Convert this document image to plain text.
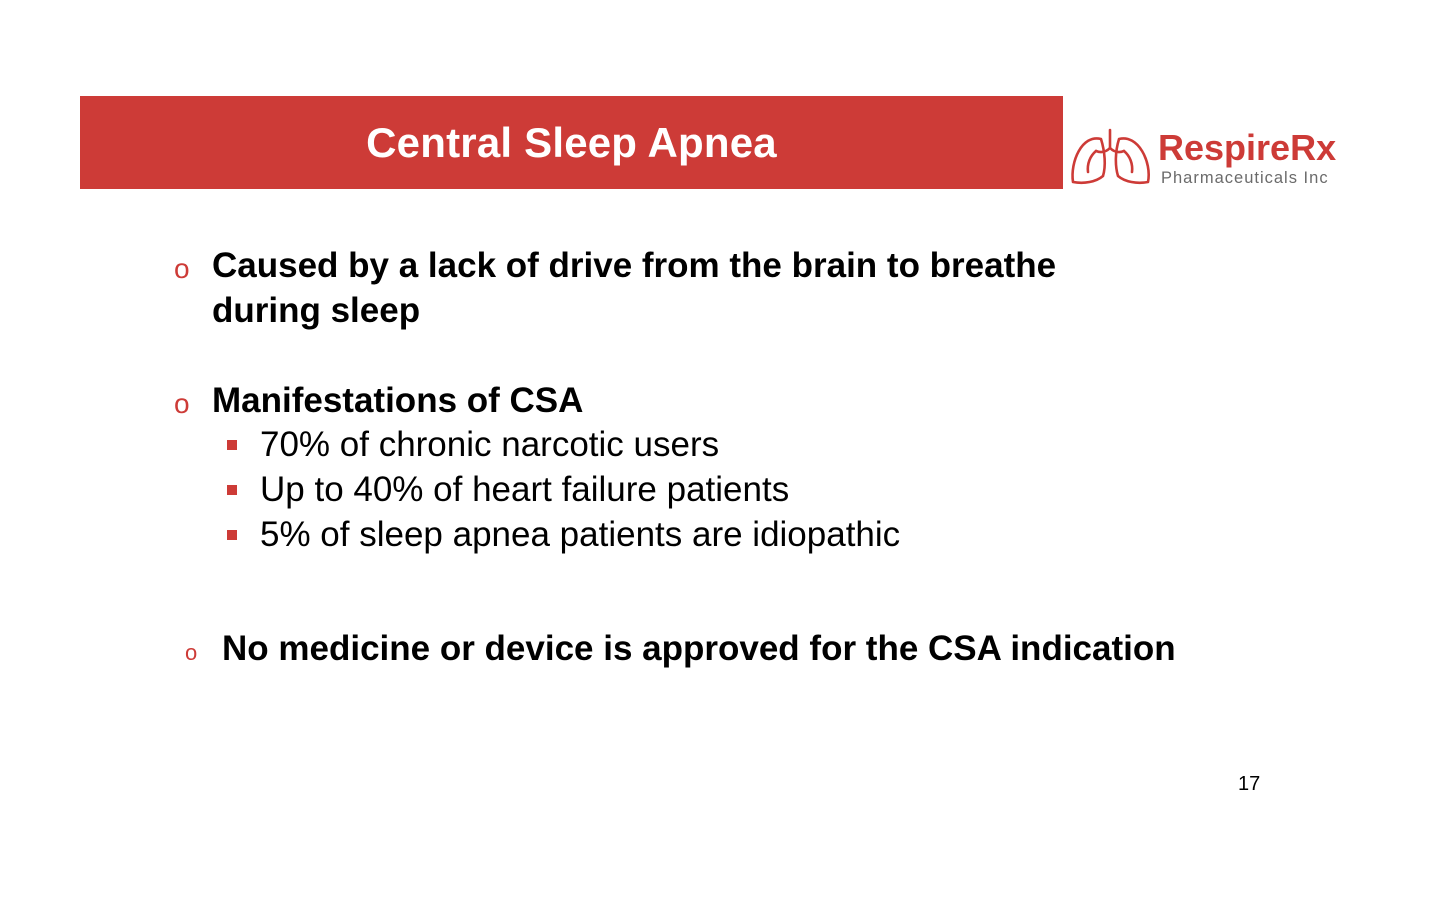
Central Sleep Apnea	RespireRx
Pharmaceuticals Inc
o Caused by a lack of drive from the brain to breathe during sleep
o Manifestations of CSA
70% of chronic narcotic users
Up to 40% of heart failure patients
5% of sleep apnea patients are idiopathic
o No medicine or device is approved for the CSA indication
17
